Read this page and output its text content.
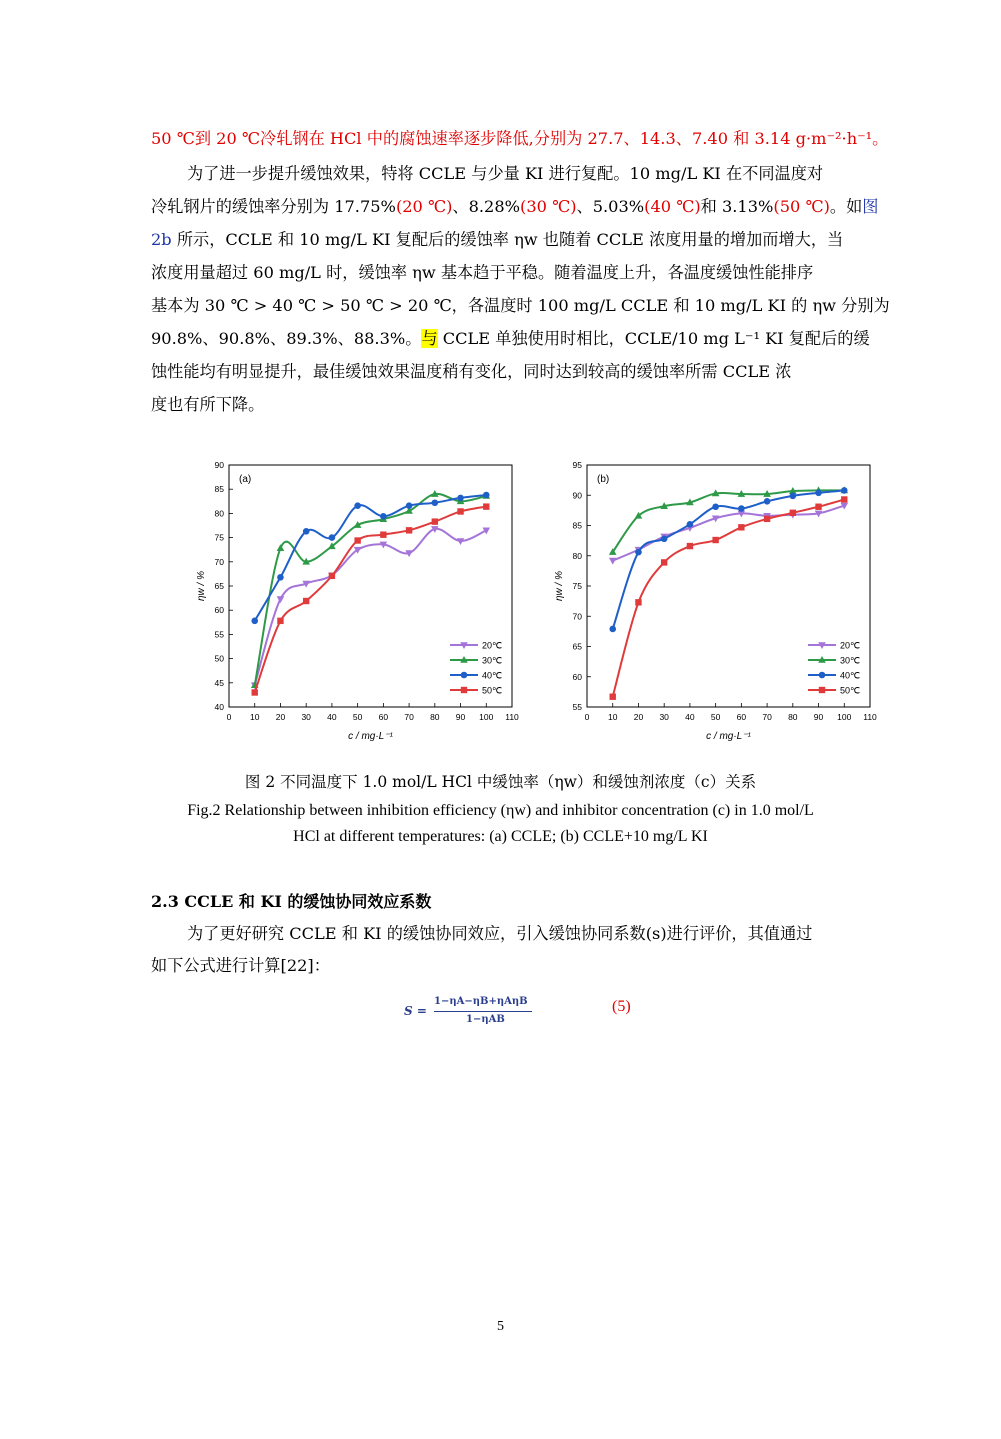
50 ℃到 20 ℃冷轧钢在 HCl 中的腐蚀速率逐步降低,分别为 27.7、14.3、7.40 和 3.14 g·m⁻²·h⁻¹。
为了进一步提升缓蚀效果，特将 CCLE 与少量 KI 进行复配。10 mg/L KI 在不同温度对
冷轧钢片的缓蚀率分别为 17.75%(20 ℃)、8.28%(30 ℃)、5.03%(40 ℃)和 3.13%(50 ℃)。如图
2b 所示，CCLE 和 10 mg/L KI 复配后的缓蚀率 ηw 也随着 CCLE 浓度用量的增加而增大，当
浓度用量超过 60 mg/L 时，缓蚀率 ηw 基本趋于平稳。随着温度上升，各温度缓蚀性能排序
基本为 30 ℃ > 40 ℃ > 50 ℃ > 20 ℃，各温度时 100 mg/L CCLE 和 10 mg/L KI 的 ηw 分别为
90.8%、90.8%、89.3%、88.3%。与 CCLE 单独使用时相比，CCLE/10 mg L⁻¹ KI 复配后的缓
蚀性能均有明显提升，最佳缓蚀效果温度稍有变化，同时达到较高的缓蚀率所需 CCLE 浓
度也有所下降。
0 10 20 30 40 50 60 70 80 90 100 110
40
45
50
55
60
65
70
75
80
85
90
(a)
c / mg·L⁻¹
ηw / %
20℃
30℃
40℃
50℃
0 10 20 30 40 50 60 70 80 90 100 110
55
60
65
70
75
80
85
90
95
(b)
c / mg·L⁻¹
ηw / %
20℃
30℃
40℃
50℃
图 2 不同温度下 1.0 mol/L HCl 中缓蚀率（ηw）和缓蚀剂浓度（c）关系
Fig.2 Relationship between inhibition efficiency (ηw) and inhibitor concentration (c) in 1.0 mol/L
HCl at different temperatures: (a) CCLE; (b) CCLE+10 mg/L KI
2.3 CCLE 和 KI 的缓蚀协同效应系数
为了更好研究 CCLE 和 KI 的缓蚀协同效应，引入缓蚀协同系数(s)进行评价，其值通过
如下公式进行计算[22]：
S =
1−ηA−ηB+ηAηB
1−ηAB
(5)
5
